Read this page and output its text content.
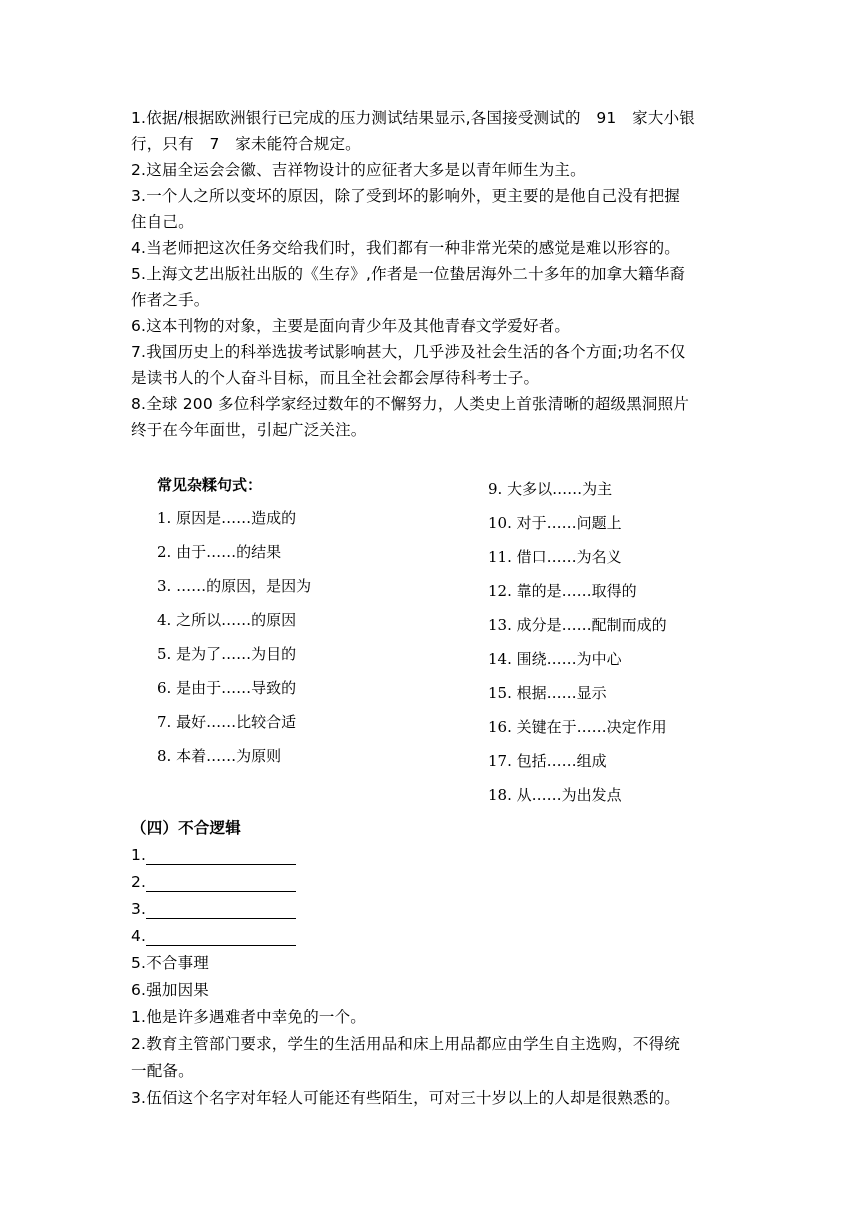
1.依据/根据欧洲银行已完成的压力测试结果显示,各国接受测试的　91　家大小银
行，只有　7　家未能符合规定。
2.这届全运会会徽、吉祥物设计的应征者大多是以青年师生为主。
3.一个人之所以变坏的原因，除了受到坏的影响外，更主要的是他自己没有把握
住自己。
4.当老师把这次任务交给我们时，我们都有一种非常光荣的感觉是难以形容的。
5.上海文艺出版社出版的《生存》,作者是一位蛰居海外二十多年的加拿大籍华裔
作者之手。
6.这本刊物的对象，主要是面向青少年及其他青春文学爱好者。
7.我国历史上的科举选拔考试影响甚大，几乎涉及社会生活的各个方面;功名不仅
是读书人的个人奋斗目标，而且全社会都会厚待科考士子。
8.全球 200 多位科学家经过数年的不懈努力，人类史上首张清晰的超级黑洞照片
终于在今年面世，引起广泛关注。
常见杂糅句式：
1. 原因是……造成的
2. 由于……的结果
3. ……的原因，是因为
4. 之所以……的原因
5. 是为了……为目的
6. 是由于……导致的
7. 最好……比较合适
8. 本着……为原则
9. 大多以……为主
10. 对于……问题上
11. 借口……为名义
12. 靠的是……取得的
13. 成分是……配制而成的
14. 围绕……为中心
15. 根据……显示
16. 关键在于……决定作用
17. 包括……组成
18. 从……为出发点
（四）不合逻辑
1.
2.
3.
4.
5.不合事理
6.强加因果
1.他是许多遇难者中幸免的一个。
2.教育主管部门要求，学生的生活用品和床上用品都应由学生自主选购，不得统
一配备。
3.伍佰这个名字对年轻人可能还有些陌生，可对三十岁以上的人却是很熟悉的。
